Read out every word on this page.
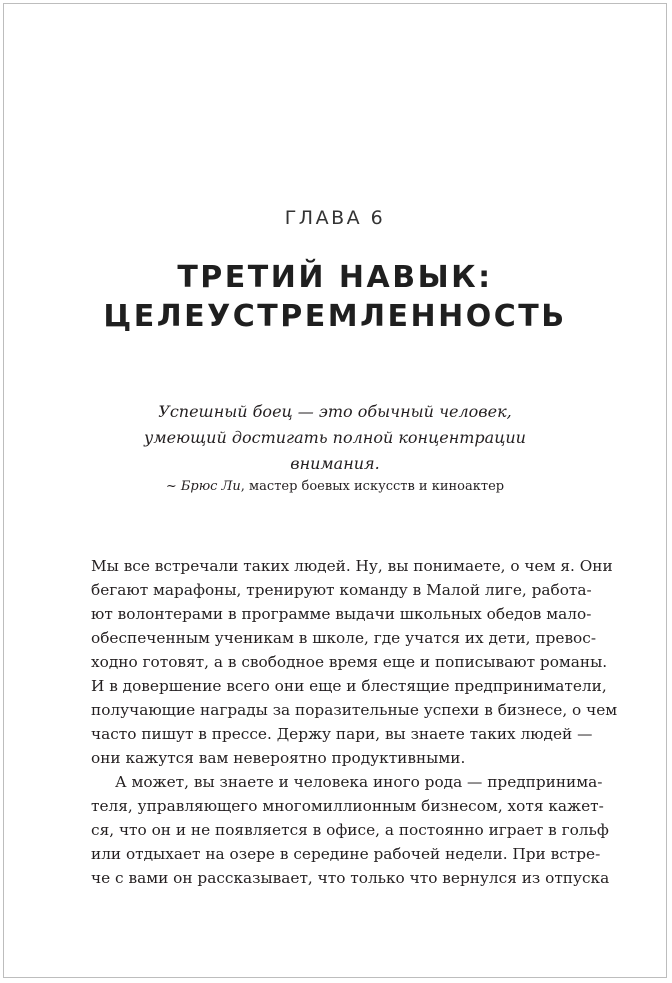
ГЛАВА 6
ТРЕТИЙ НАВЫК:
ЦЕЛЕУСТРЕМЛЕННОСТЬ
Успешный боец — это обычный человек,
умеющий достигать полной концентрации
внимания.
~ Брюс Ли, мастер боевых искусств и киноактер
Мы все встречали таких людей. Ну, вы понимаете, о чем я. Они
бегают марафоны, тренируют команду в Малой лиге, работа-
ют волонтерами в программе выдачи школьных обедов мало-
обеспеченным ученикам в школе, где учатся их дети, превос-
ходно готовят, а в свободное время еще и пописывают романы.
И в довершение всего они еще и блестящие предприниматели,
получающие награды за поразительные успехи в бизнесе, о чем
часто пишут в прессе. Держу пари, вы знаете таких людей —
они кажутся вам невероятно продуктивными.
А может, вы знаете и человека иного рода — предпринима-
теля, управляющего многомиллионным бизнесом, хотя кажет-
ся, что он и не появляется в офисе, а постоянно играет в гольф
или отдыхает на озере в середине рабочей недели. При встре-
че с вами он рассказывает, что только что вернулся из отпуска
